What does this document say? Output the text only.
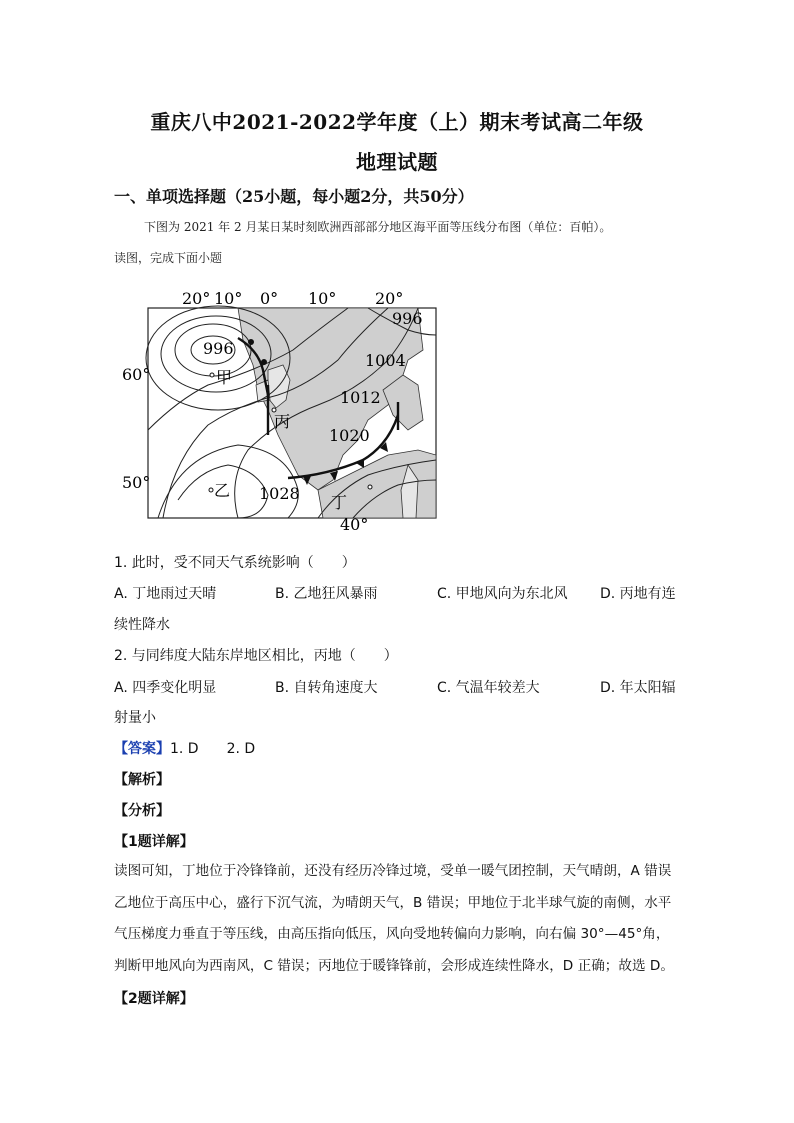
重庆八中2021-2022学年度（上）期末考试高二年级
地理试题
一、单项选择题（25小题，每小题2分，共50分）
下图为 2021 年 2 月某日某时刻欧洲西部部分地区海平面等压线分布图（单位：百帕）。
读图，完成下面小题
20° 10° 0° 10° 20°
60°
50°
40°
996
996
1004
1012
1020
1028
甲
乙
丙
丁
1. 此时，受不同天气系统影响（　　）
A. 丁地雨过天晴	B. 乙地狂风暴雨	C. 甲地风向为东北风 D. 丙地有连
续性降水
2. 与同纬度大陆东岸地区相比，丙地（　　）
A. 四季变化明显	B. 自转角速度大	C. 气温年较差大	D. 年太阳辐
射量小
【答案】1. D　　2. D
【解析】
【分析】
【1题详解】

读图可知，丁地位于冷锋锋前，还没有经历冷锋过境，受单一暖气团控制，天气晴朗，A 错误

乙地位于高压中心，盛行下沉气流，为晴朗天气，B 错误；甲地位于北半球气旋的南侧，水平

气压梯度力垂直于等压线，由高压指向低压，风向受地转偏向力影响，向右偏 30°—45°角，

判断甲地风向为西南风，C 错误；丙地位于暖锋锋前，会形成连续性降水，D 正确；故选 D。

【2题详解】
